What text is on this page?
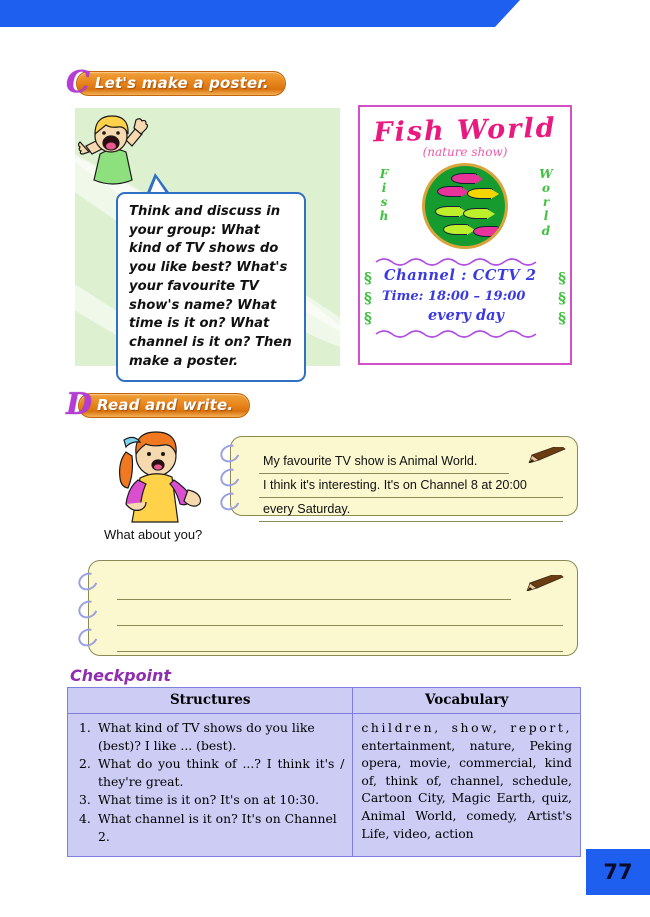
C Let's make a poster.

Think and discuss in your group: What kind of TV shows do you like best? What's your favourite TV show's name? What time is it on? What channel is it on? Then make a poster.

Fish World
(nature show)
F
i
s
h
W
o
r
l
d
§
§
§
§
§
§
Channel : CCTV 2
Time: 18:00 – 19:00
every day
D Read and write.
My favourite TV show is Animal World.
I think it's interesting. It's on Channel 8 at 20:00
every Saturday.
What about you?
Checkpoint
Structures	Vocabulary

What kind of TV shows do you like (best)? I like ... (best).
What do you think of ...? I think it's / they're great.
What time is it on? It's on at 10:30.
What channel is it on? It's on Channel 2.

children, show, report, entertainment, nature, Peking opera, movie, commercial, kind of, think of, channel, schedule, Cartoon City, Magic Earth, quiz, Animal World, comedy, Artist's Life, video, action
77
